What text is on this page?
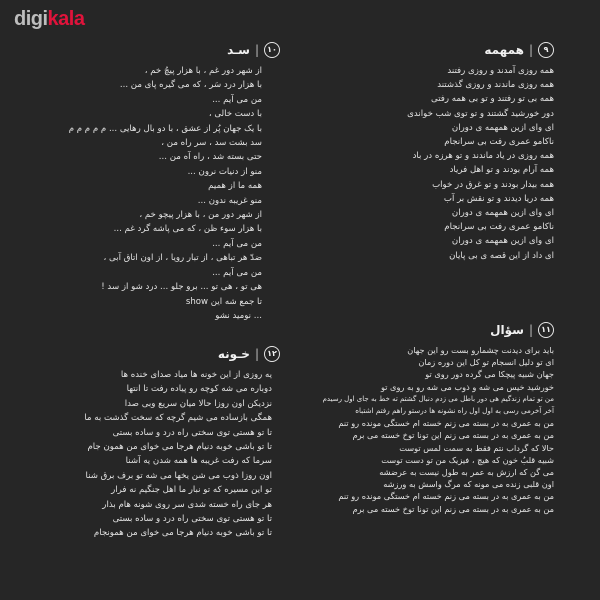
digikala
٩
|
همهمه
همه روزی آمدند و روزی رفتند
همه روزی ماندند و روزی گذشتند
همه بی تو رفتند و تو بی همه رفتی
دور خورشید گشتند و تو توی شب خواندی
ای وای ازین همهمه ی دوران
ناکامو عمری رفت بی سرانجام
همه روزی در یاد ماندند و تو هرزه در باد
همه آرام بودند و تو اهل فریاد
همه بیدار بودند و تو غرق در خواب
همه دریا دیدند و تو نقش بر آب
ای وای ازین همهمه ی دوران
ناکامو عمری رفت بی سرانجام
ای وای ازین همهمه ی دوران
ای داد از این قصه ی بی پایان
١١
|
سؤال
باید برای دیدنت چشمارو بست رو این جهان
ای تو دلیل انسجام تو کل این دوره زمان
جهان شبیه پیچکا می گرده دور روی تو
خورشید خیس می شه و ذوب می شه رو به روی تو
من تو تمام زندگیم هی دور باطل می زدم دنبال گشتم ته خط به جای اول رسیدم
آخر آخرمی رسی به اول اول راه نشونه ها درستو راهم رفتم اشتباه
من به عمری به در بسته می زنم خسته ام خستگی مونده رو تنم
من به عمری به در بسته می زنم این تونا توخ خسته می برم
حالا که گرداب نتم فقط به سمت لمس توست
شبیه قلبُ خون که هیچ ، فیزیک من تو دست توست
می گن که ارزش به عمر به طول نیست به عرضشه
اون قلبی زنده می مونه که مرگ واسش به ورزشه
من به عمری به در بسته می زنم خسته ام خستگی مونده رو تنم
من به عمری به در بسته می زنم این تونا توخ خسته می برم
١٠
|
سـد
از شهر دور غم ، با هزار پیچُ خم ،
با هزار درد سَر ، که می گیره پای من ...
من می آیم ...
با دست خالی ،
با یک جهان پُر از عشق ، با دو بال رهایی ... م م م م م
سد بشت سد ، سر راه من ،
حتی بسته شد ، راه آه من ...
منو از دنیات نرون ...
همه ما از همیم
منو غریبه ندون ...
از شهر دور من ، با هزار پیچو خم ،
با هزار سوء ظن ، که می پاشه گرد غم ...
من می آیم ...
ضدّ هر تباهی ، از تبار رویا ، از اون اتاق آبی ،
من می آیم ...
هی تو ، هی تو ... برو جلو ... درد شو از سد !
تا جمع شه این show
... نومید نشو
١٢
|
خـونه
یه روزی از این خونه ها میاد صدای خنده ها
دوباره می شه کوچه رو پیاده رفت تا انتها
نزدیکن اون روزا حالا میان سریع وبی صدا
همگی بازساده می شیم گرچه که سخت گذشت به ما
تا تو هستی توی سختی راه درد و ساده بستی
تا تو باشی خوبه دنیام هرجا می خوای من همون جام
سرما که رفت غریبه ها همه شدن یه آشنا
اون روزا ذوب می شن یخها می شه تو برف برق شنا
تو این مسیره که تو نبار ما اهل جنگیم نه فرار
هر جای راه خسته شدی سر روی شونه هام بذار
تا تو هستی توی سختی راه درد و ساده بستی
تا تو باشی خوبه دنیام هرجا می خوای من همونجام
